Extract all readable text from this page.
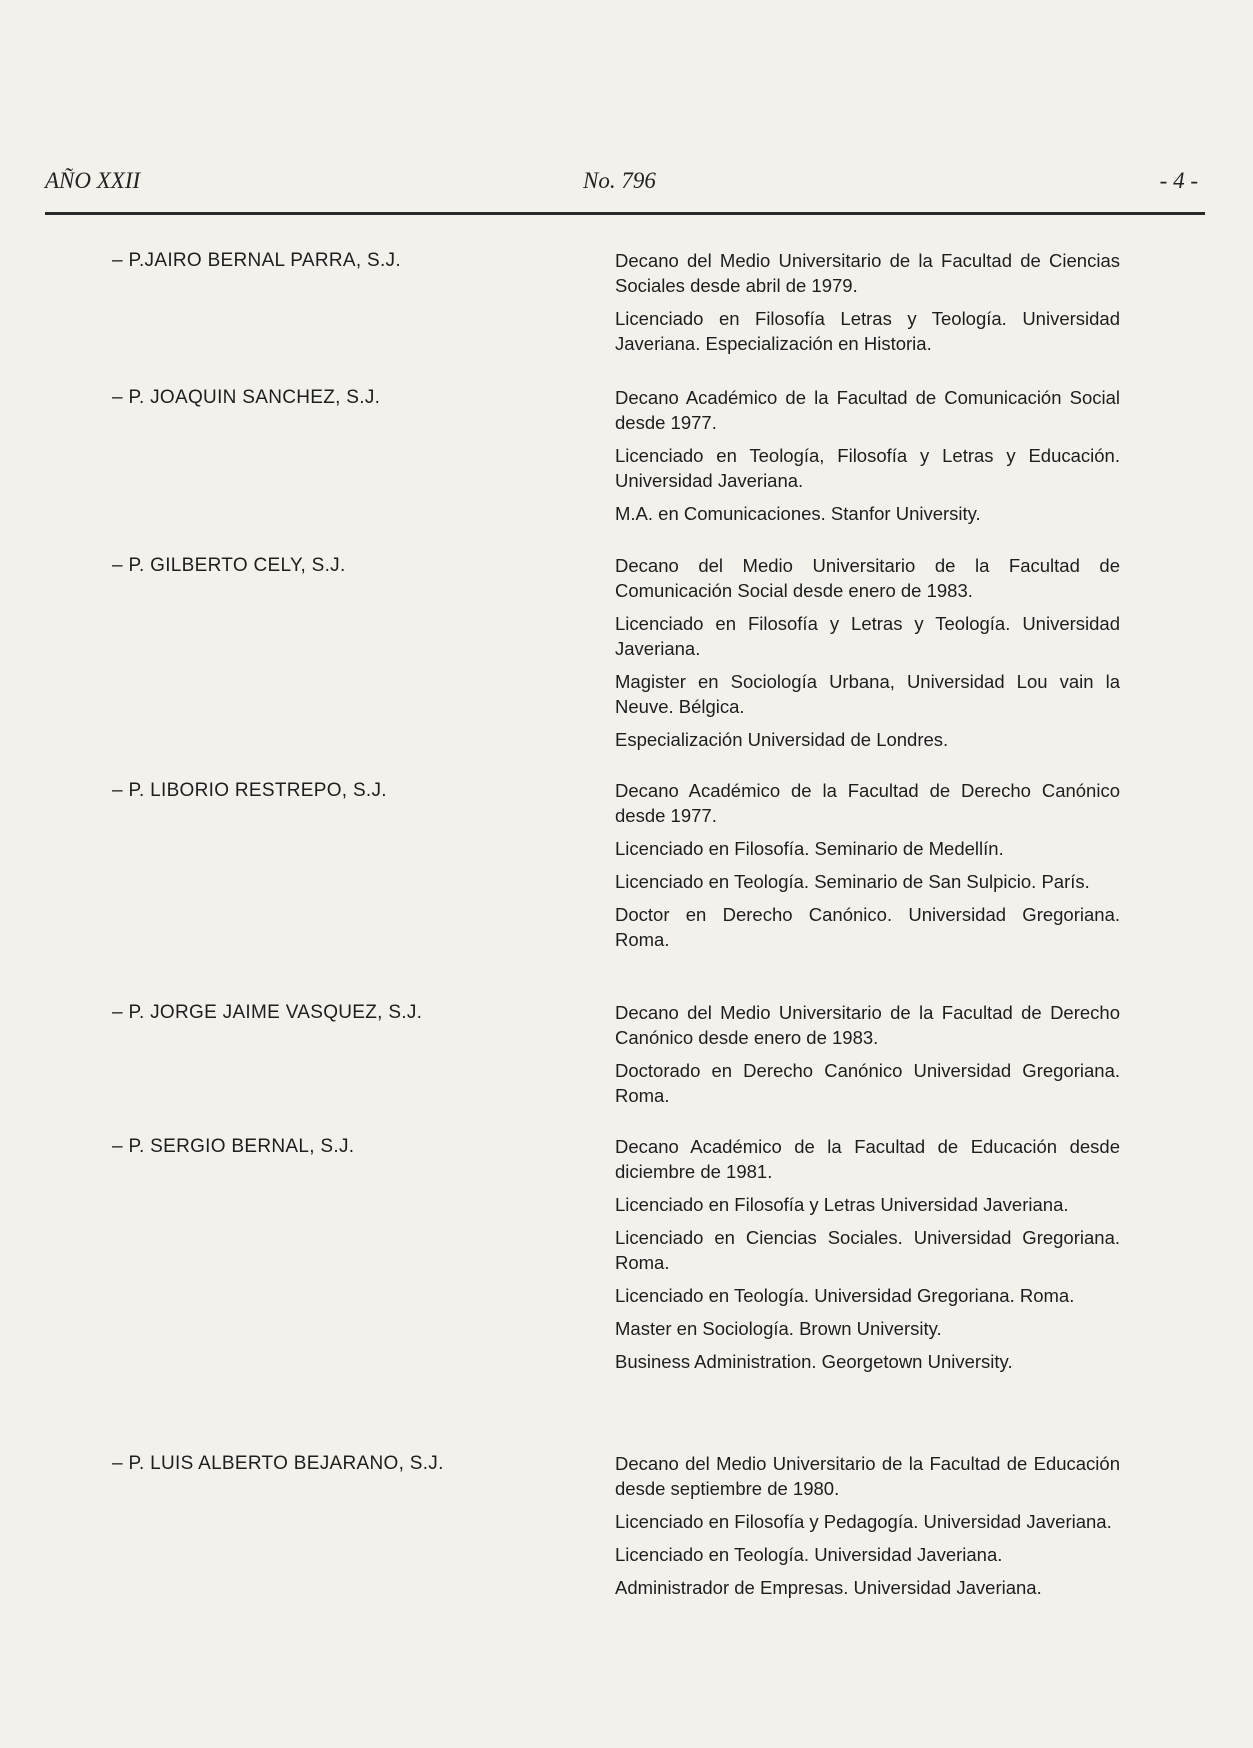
AÑO XXII	No. 796	- 4 -
– P.JAIRO BERNAL PARRA, S.J.	Decano del Medio Universitario de la Facultad de Ciencias Sociales desde abril de 1979.

Licenciado en Filosofía Letras y Teología. Universidad Javeriana. Especialización en Historia.

– P. JOAQUIN SANCHEZ, S.J.	Decano Académico de la Facultad de Comunicación Social desde 1977.

Licenciado en Teología, Filosofía y Letras y Educación. Universidad Javeriana.

M.A. en Comunicaciones. Stanfor University.

– P. GILBERTO CELY, S.J.	Decano del Medio Universitario de la Facultad de Comunicación Social desde enero de 1983.

Licenciado en Filosofía y Letras y Teología. Universidad Javeriana.

Magister en Sociología Urbana, Universidad Lou vain la Neuve. Bélgica.

Especialización Universidad de Londres.

– P. LIBORIO RESTREPO, S.J.	Decano Académico de la Facultad de Derecho Canónico desde 1977.

Licenciado en Filosofía. Seminario de Medellín.

Licenciado en Teología. Seminario de San Sulpicio. París.

Doctor en Derecho Canónico. Universidad Gregoriana. Roma.

– P. JORGE JAIME VASQUEZ, S.J.	Decano del Medio Universitario de la Facultad de Derecho Canónico desde enero de 1983.

Doctorado en Derecho Canónico Universidad Gregoriana. Roma.

– P. SERGIO BERNAL, S.J.	Decano Académico de la Facultad de Educación desde diciembre de 1981.

Licenciado en Filosofía y Letras Universidad Javeriana.

Licenciado en Ciencias Sociales. Universidad Gregoriana. Roma.

Licenciado en Teología. Universidad Gregoriana. Roma.

Master en Sociología. Brown University.

Business Administration. Georgetown University.

– P. LUIS ALBERTO BEJARANO, S.J.	Decano del Medio Universitario de la Facultad de Educación desde septiembre de 1980.

Licenciado en Filosofía y Pedagogía. Universidad Javeriana.

Licenciado en Teología. Universidad Javeriana.

Administrador de Empresas. Universidad Javeriana.
